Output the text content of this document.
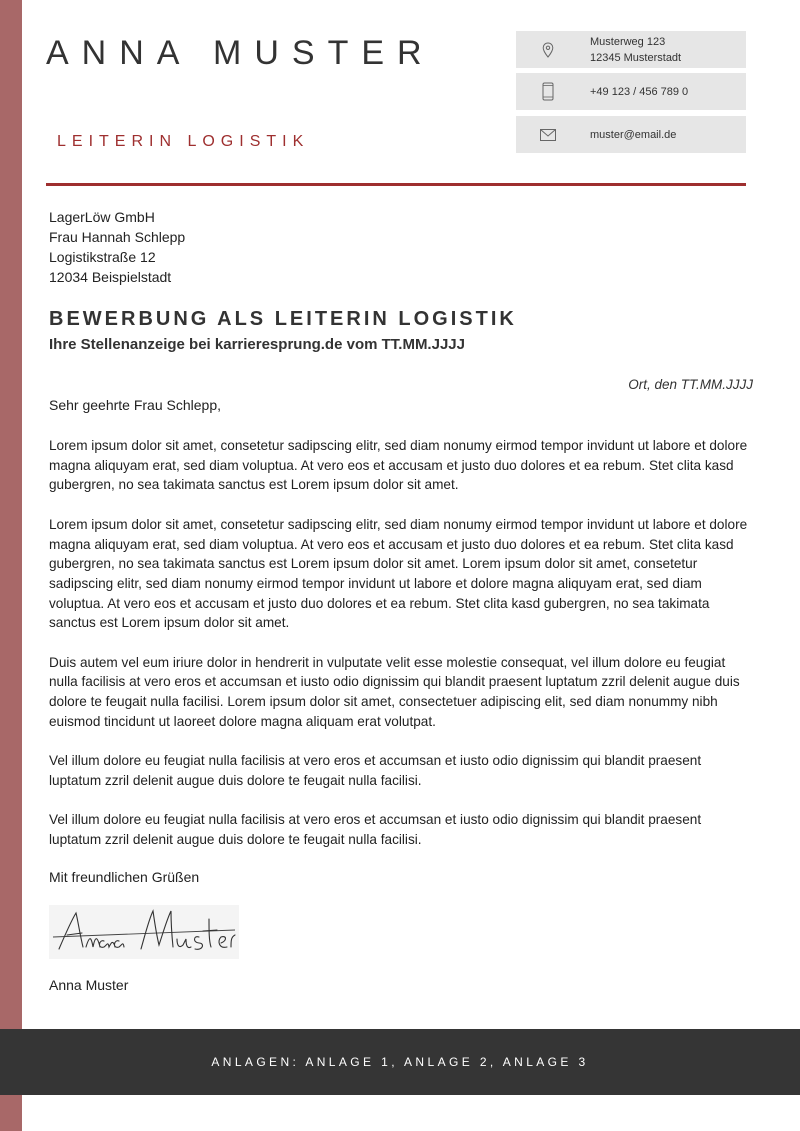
ANNA MUSTER
LEITERIN LOGISTIK
Musterweg 123
12345 Musterstadt
+49 123 / 456 789 0
muster@email.de
LagerLöw GmbH
Frau Hannah Schlepp
Logistikstraße 12
12034 Beispielstadt
BEWERBUNG ALS LEITERIN LOGISTIK
Ihre Stellenanzeige bei karrieresprung.de vom TT.MM.JJJJ
Ort, den TT.MM.JJJJ
Sehr geehrte Frau Schlepp,

Lorem ipsum dolor sit amet, consetetur sadipscing elitr, sed diam nonumy eirmod tempor invidunt ut labore et dolore magna aliquyam erat, sed diam voluptua. At vero eos et accusam et justo duo dolores et ea rebum. Stet clita kasd gubergren, no sea takimata sanctus est Lorem ipsum dolor sit amet.

Lorem ipsum dolor sit amet, consetetur sadipscing elitr, sed diam nonumy eirmod tempor invidunt ut labore et dolore magna aliquyam erat, sed diam voluptua. At vero eos et accusam et justo duo dolores et ea rebum. Stet clita kasd gubergren, no sea takimata sanctus est Lorem ipsum dolor sit amet. Lorem ipsum dolor sit amet, consetetur sadipscing elitr, sed diam nonumy eirmod tempor invidunt ut labore et dolore magna aliquyam erat, sed diam voluptua. At vero eos et accusam et justo duo dolores et ea rebum. Stet clita kasd gubergren, no sea takimata sanctus est Lorem ipsum dolor sit amet.

Duis autem vel eum iriure dolor in hendrerit in vulputate velit esse molestie consequat, vel illum dolore eu feugiat nulla facilisis at vero eros et accumsan et iusto odio dignissim qui blandit praesent luptatum zzril delenit augue duis dolore te feugait nulla facilisi. Lorem ipsum dolor sit amet, consectetuer adipiscing elit, sed diam nonummy nibh euismod tincidunt ut laoreet dolore magna aliquam erat volutpat.

Vel illum dolore eu feugiat nulla facilisis at vero eros et accumsan et iusto odio dignissim qui blandit praesent luptatum zzril delenit augue duis dolore te feugait nulla facilisi.

Vel illum dolore eu feugiat nulla facilisis at vero eros et accumsan et iusto odio dignissim qui blandit praesent luptatum zzril delenit augue duis dolore te feugait nulla facilisi.

Mit freundlichen Grüßen
Anna Muster
ANLAGEN: ANLAGE 1, ANLAGE 2, ANLAGE 3
